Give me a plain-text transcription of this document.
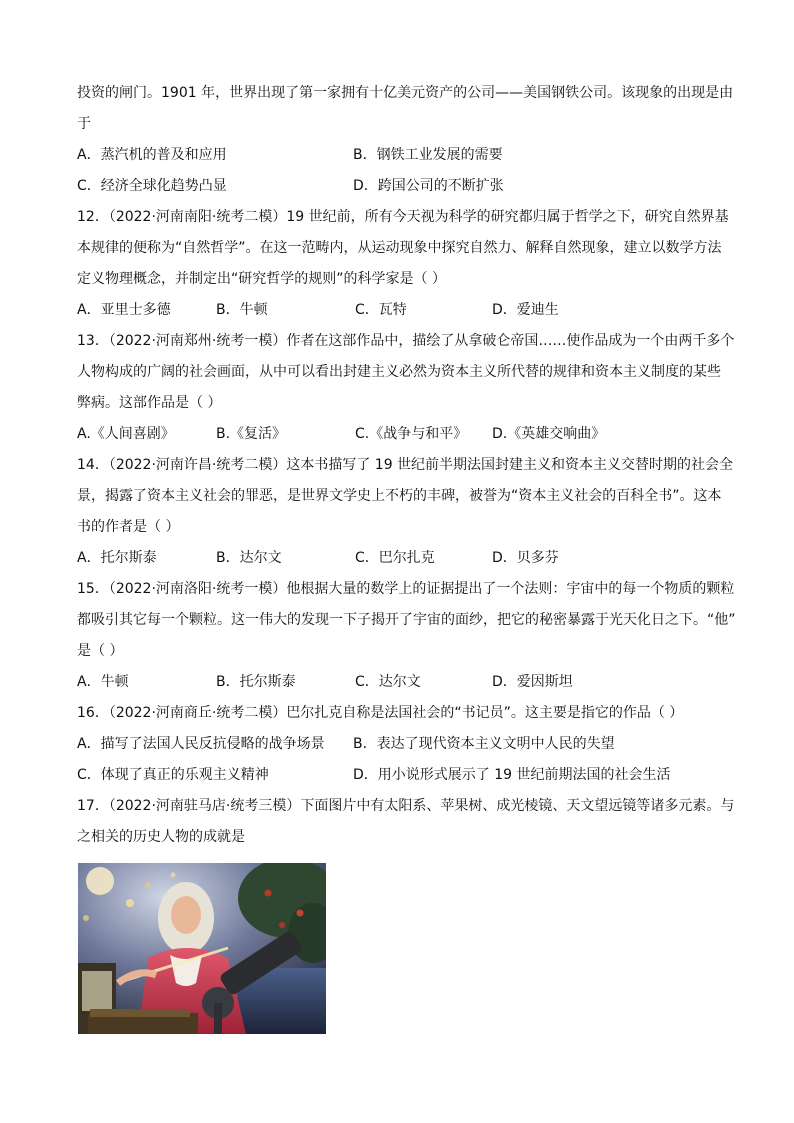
投资的闸门。1901 年，世界出现了第一家拥有十亿美元资产的公司——美国钢铁公司。该现象的出现是由
于
A．蒸汽机的普及和应用	B．钢铁工业发展的需要
C．经济全球化趋势凸显	D．跨国公司的不断扩张
12．（2022·河南南阳·统考二模）19 世纪前，所有今天视为科学的研究都归属于哲学之下，研究自然界基
本规律的便称为“自然哲学”。在这一范畴内，从运动现象中探究自然力、解释自然现象，建立以数学方法
定义物理概念，并制定出“研究哲学的规则”的科学家是（ ）
A．亚里士多德	B．牛顿	C．瓦特	D．爱迪生
13．（2022·河南郑州·统考一模）作者在这部作品中，描绘了从拿破仑帝国……使作品成为一个由两千多个
人物构成的广阔的社会画面，从中可以看出封建主义必然为资本主义所代替的规律和资本主义制度的某些
弊病。这部作品是（ ）
A.《人间喜剧》	B.《复活》	C.《战争与和平》	D.《英雄交响曲》
14．（2022·河南许昌·统考二模）这本书描写了 19 世纪前半期法国封建主义和资本主义交替时期的社会全
景，揭露了资本主义社会的罪恶，是世界文学史上不朽的丰碑，被誉为“资本主义社会的百科全书”。这本
书的作者是（ ）
A．托尔斯泰	B．达尔文	C．巴尔扎克	D．贝多芬
15．（2022·河南洛阳·统考一模）他根据大量的数学上的证据提出了一个法则：宇宙中的每一个物质的颗粒
都吸引其它每一个颗粒。这一伟大的发现一下子揭开了宇宙的面纱，把它的秘密暴露于光天化日之下。“他”
是（ ）
A．牛顿	B．托尔斯泰	C．达尔文	D．爱因斯坦
16．（2022·河南商丘·统考二模）巴尔扎克自称是法国社会的“书记员”。这主要是指它的作品（ ）
A．描写了法国人民反抗侵略的战争场景	B．表达了现代资本主义文明中人民的失望
C．体现了真正的乐观主义精神	D．用小说形式展示了 19 世纪前期法国的社会生活
17．（2022·河南驻马店·统考三模）下面图片中有太阳系、苹果树、成光棱镜、天文望远镜等诸多元素。与
之相关的历史人物的成就是
